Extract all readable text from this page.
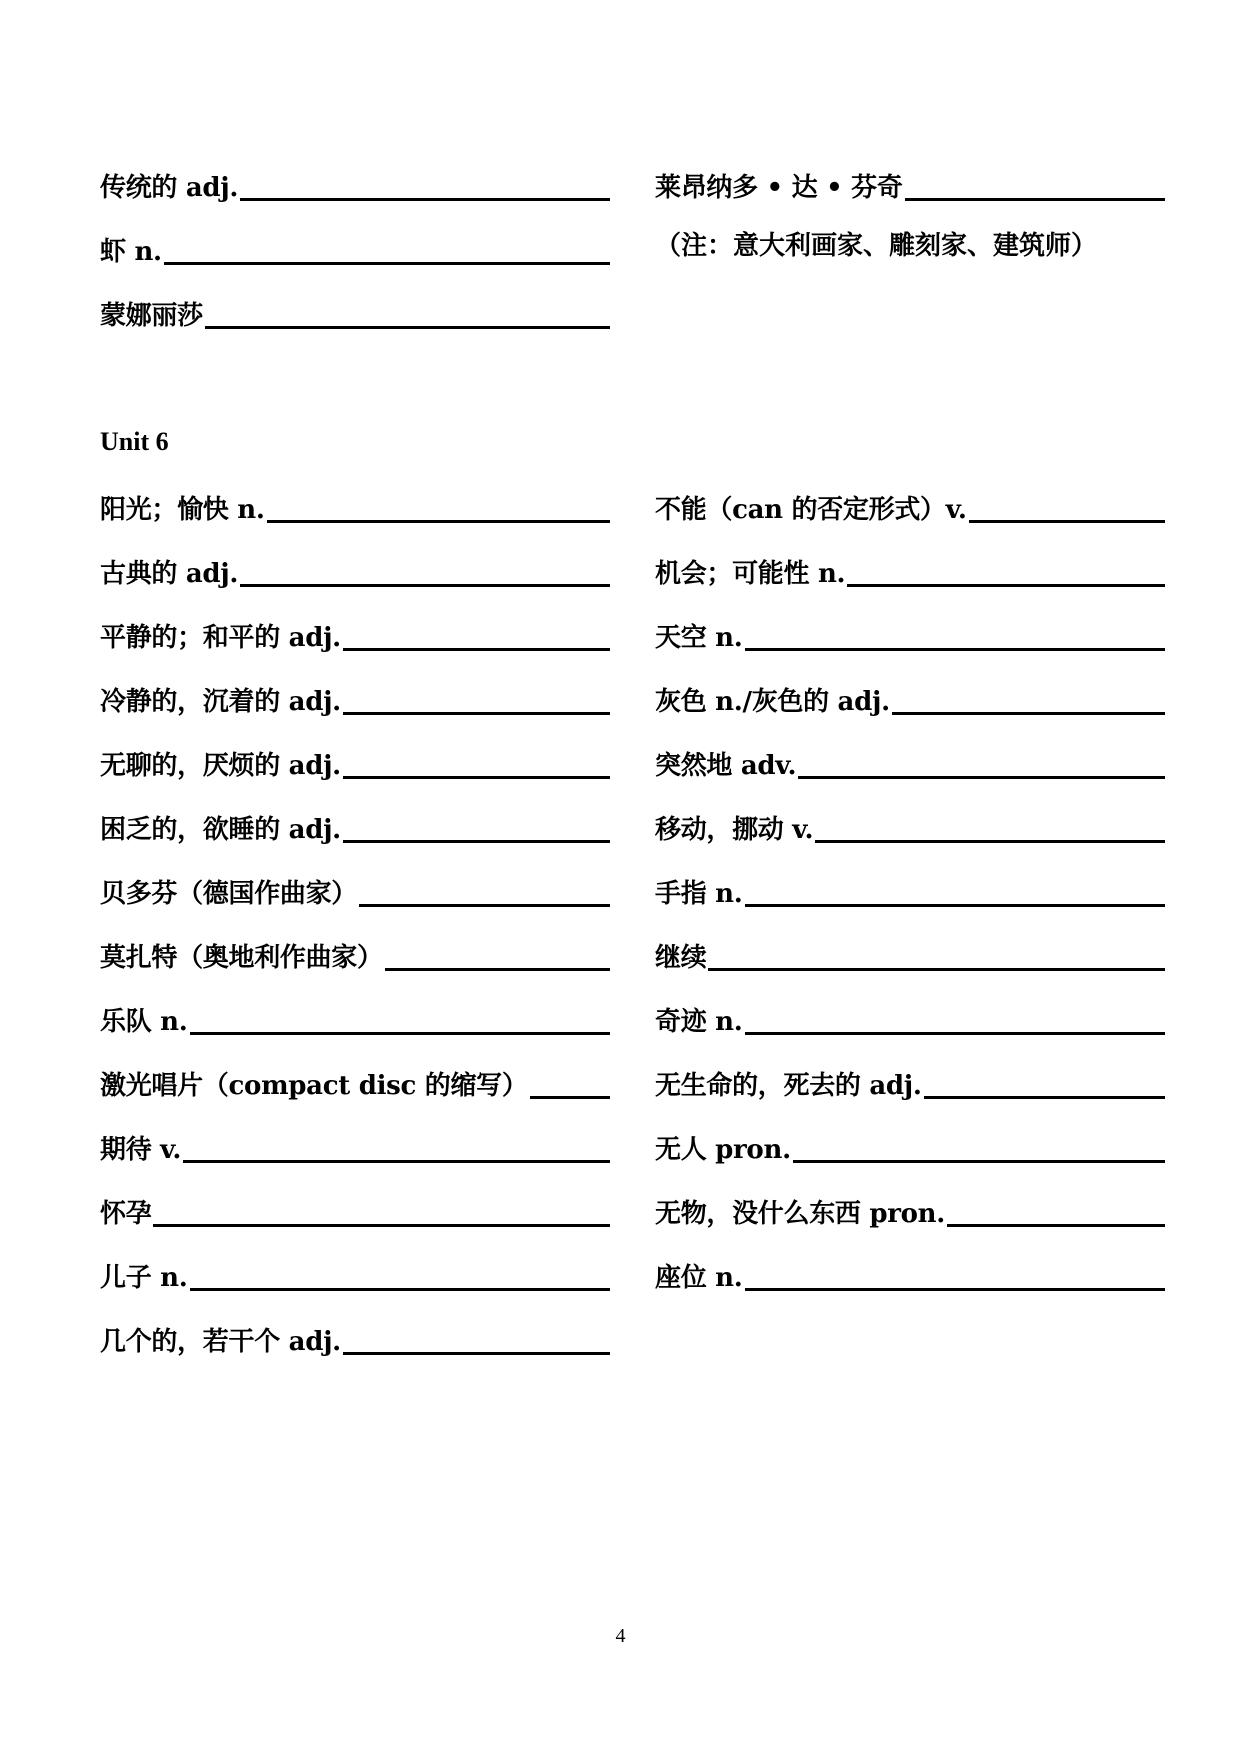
传统的 adj.
虾 n.
蒙娜丽莎
莱昂纳多 • 达 • 芬奇
（注：意大利画家、雕刻家、建筑师）
Unit 6
阳光；愉快 n.
古典的 adj.
平静的；和平的 adj.
冷静的，沉着的 adj.
无聊的，厌烦的 adj.
困乏的，欲睡的 adj.
贝多芬（德国作曲家）
莫扎特（奥地利作曲家）
乐队 n.
激光唱片（compact disc 的缩写）
期待 v.
怀孕
儿子 n.
几个的，若干个 adj.
不能（can 的否定形式）v.
机会；可能性 n.
天空 n.
灰色 n./灰色的 adj.
突然地 adv.
移动，挪动 v.
手指 n.
继续
奇迹 n.
无生命的，死去的 adj.
无人 pron.
无物，没什么东西 pron.
座位 n.
4
